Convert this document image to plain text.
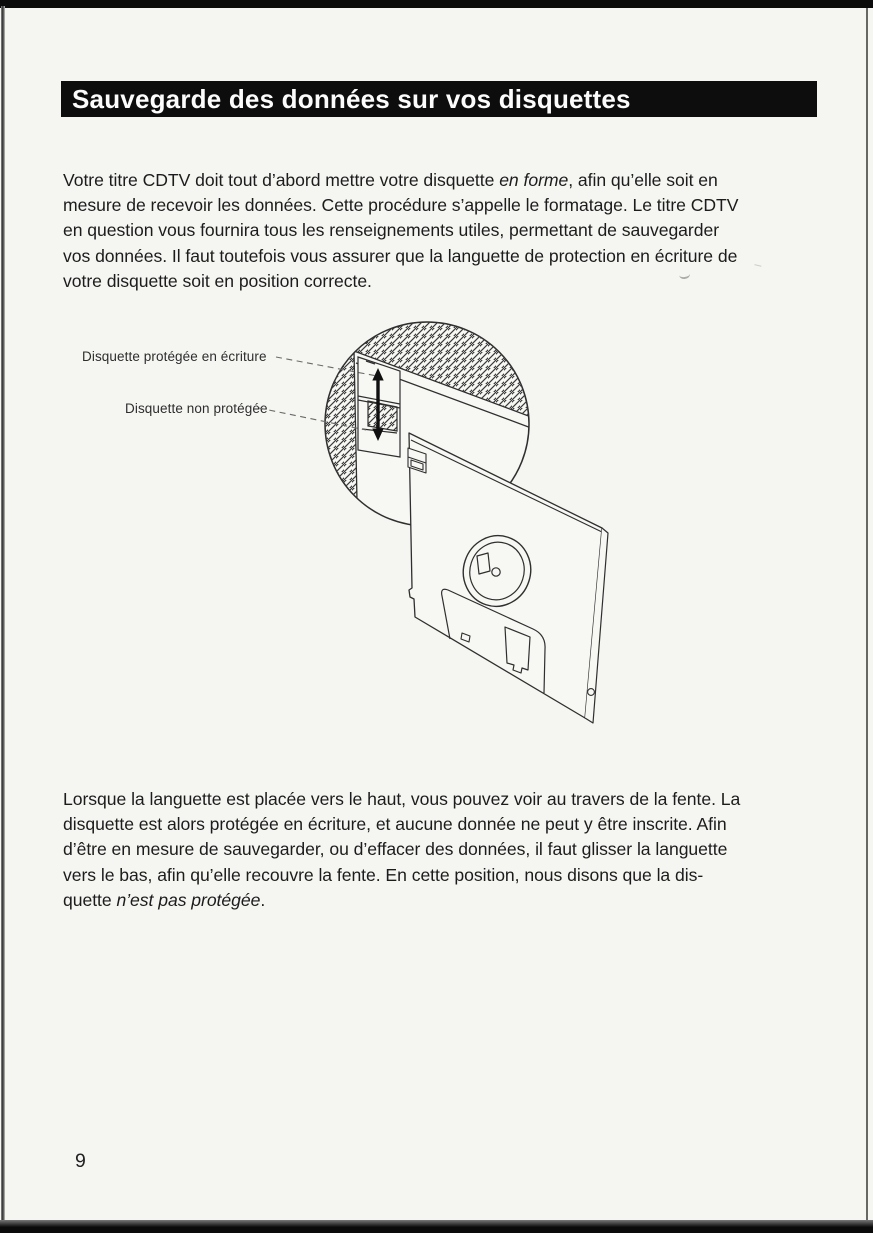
Sauvegarde des données sur vos disquettes
Votre titre CDTV doit tout d’abord mettre votre disquette en forme, afin qu’elle soit en
mesure de recevoir les données. Cette procédure s’appelle le formatage. Le titre CDTV
en question vous fournira tous les renseignements utiles, permettant de sauvegarder
vos données. Il faut toutefois vous assurer que la languette de protection en écriture de
votre disquette soit en position correcte.
Disquette protégée en écriture
Disquette non protégée
Lorsque la languette est placée vers le haut, vous pouvez voir au travers de la fente. La
disquette est alors protégée en écriture, et aucune donnée ne peut y être inscrite. Afin
d’être en mesure de sauvegarder, ou d’effacer des données, il faut glisser la languette
vers le bas, afin qu’elle recouvre la fente. En cette position, nous disons que la dis-
quette n’est pas protégée.
9
